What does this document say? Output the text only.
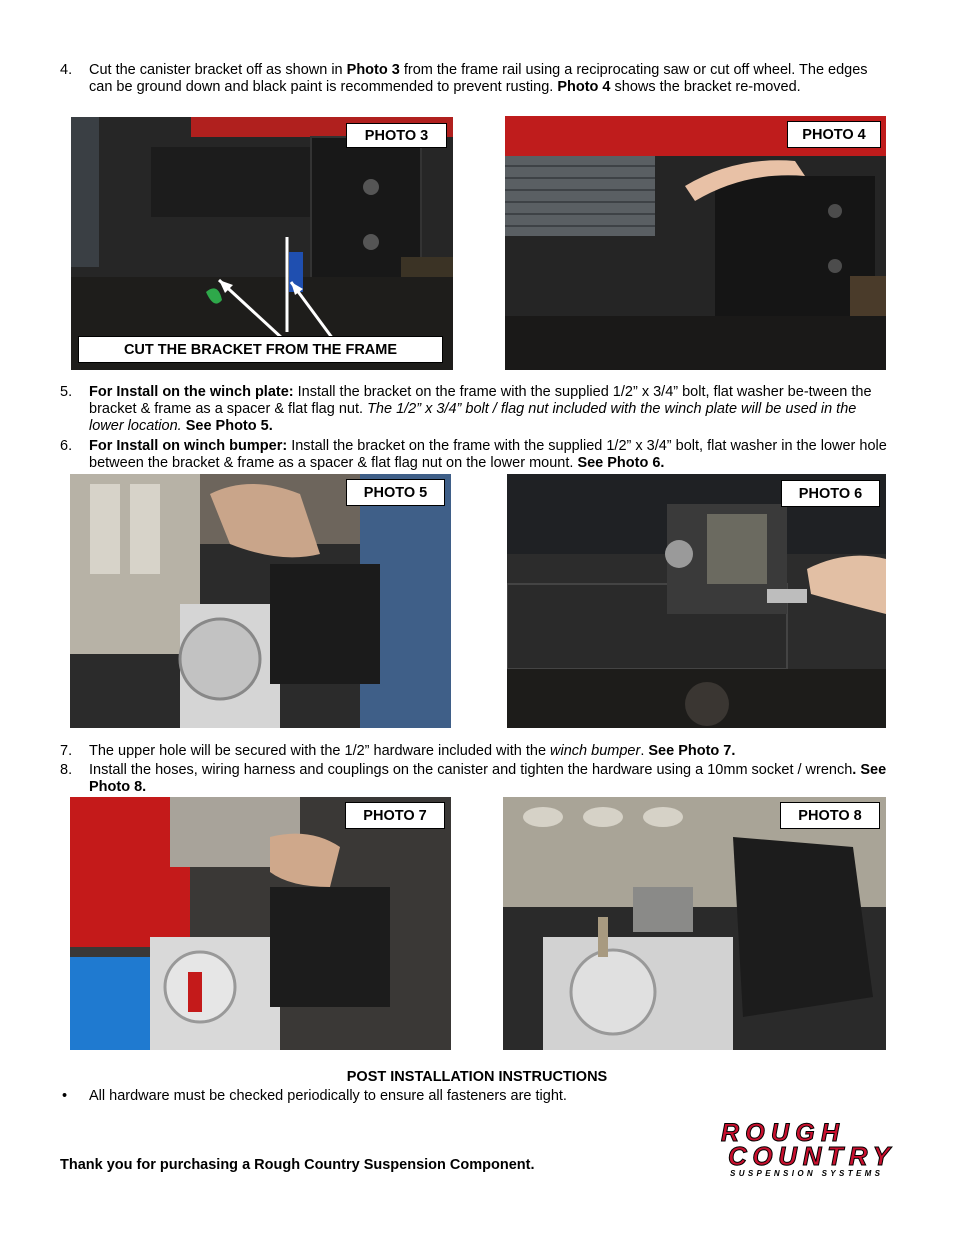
4. Cut the canister bracket off as shown in Photo 3 from the frame rail using a reciprocating saw or cut off wheel. The edges can be ground down and black paint is recommended to prevent rusting. Photo 4 shows the bracket re-moved.
PHOTO 3
CUT THE BRACKET FROM THE FRAME
PHOTO 4
5. For Install on the winch plate: Install the bracket on the frame with the supplied 1/2” x 3/4” bolt, flat washer be-tween the bracket & frame as a spacer & flat flag nut. The 1/2” x 3/4” bolt / flag nut included with the winch plate will be used in the lower location. See Photo 5.
6. For Install on winch bumper: Install the bracket on the frame with the supplied 1/2” x 3/4” bolt, flat washer in the lower hole between the bracket & frame as a spacer & flat flag nut on the lower mount. See Photo 6.
PHOTO 5	PHOTO 6
7. The upper hole will be secured with the 1/2” hardware included with the winch bumper. See Photo 7.
8. Install the hoses, wiring harness and couplings on the canister and tighten the hardware using a 10mm socket / wrench. See Photo 8.
PHOTO 7	PHOTO 8
POST INSTALLATION INSTRUCTIONS
• All hardware must be checked periodically to ensure all fasteners are tight.
Thank you for purchasing a Rough Country Suspension Component.
ROUGH
COUNTRY
SUSPENSION SYSTEMS
